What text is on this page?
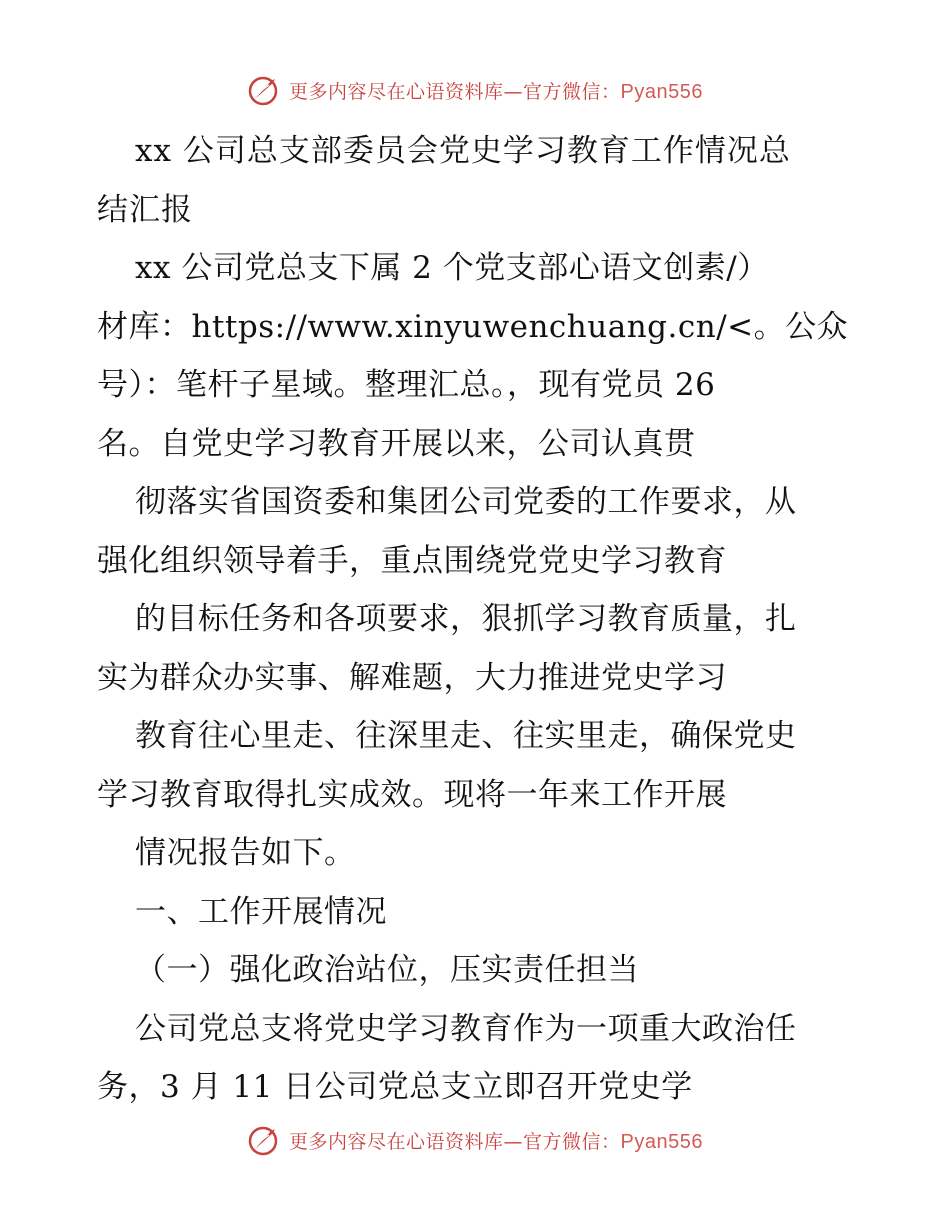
更多内容尽在心语资料库—官方微信：Pyan556
xx 公司总支部委员会党史学习教育工作情况总
结汇报
xx 公司党总支下属 2 个党支部心语文创素/）
材库：https://www.xinyuwenchuang.cn/<。公众
号）：笔杆子星域。整理汇总。，现有党员 26
名。自党史学习教育开展以来，公司认真贯
彻落实省国资委和集团公司党委的工作要求，从
强化组织领导着手，重点围绕党党史学习教育
的目标任务和各项要求，狠抓学习教育质量，扎
实为群众办实事、解难题，大力推进党史学习
教育往心里走、往深里走、往实里走，确保党史
学习教育取得扎实成效。现将一年来工作开展
情况报告如下。
一、工作开展情况
（一）强化政治站位，压实责任担当
公司党总支将党史学习教育作为一项重大政治任
务，3 月 11 日公司党总支立即召开党史学
更多内容尽在心语资料库—官方微信：Pyan556
